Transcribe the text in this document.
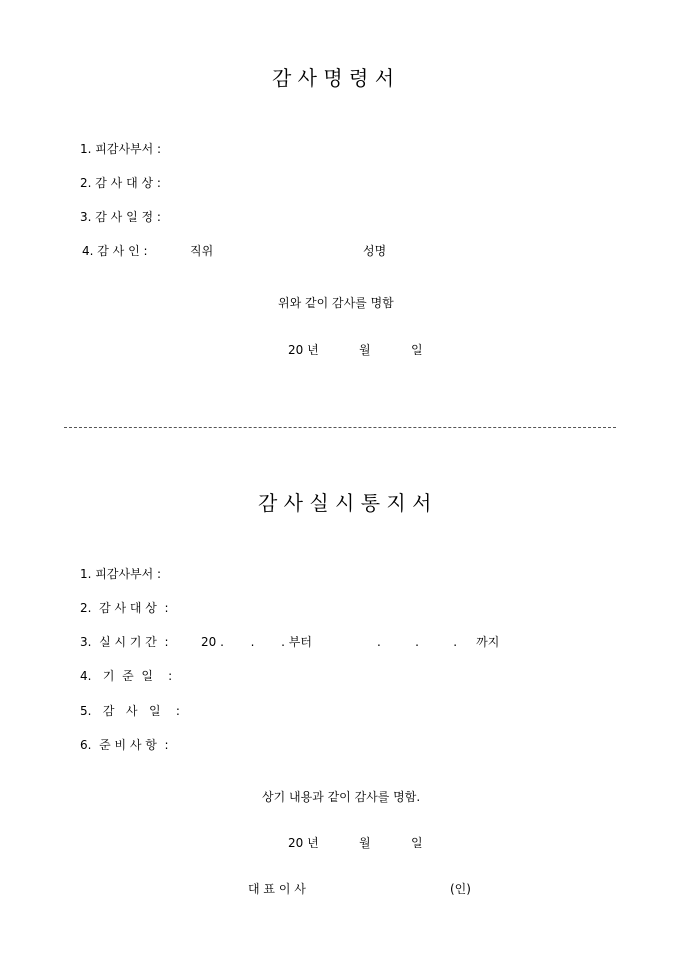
감 사 명 령 서
1. 피감사부서 :
2. 감 사 대 상 :
3. 감 사 일 정 :
4. 감 사 인 :	직위	성명
위와 같이 감사를 명함
20 년	월	일
감 사 실 시 통 지 서
1. 피감사부서 :
2.  감 사 대 상  :
3.  실 시 기 간  :	20 .       .       . 부터	.         .         .     까지
4.   기  준  일    :
5.   감   사   일    :
6.  준 비 사 항  :
상기 내용과 같이 감사를 명함.
20 년	월	일
대 표 이 사	(인)
